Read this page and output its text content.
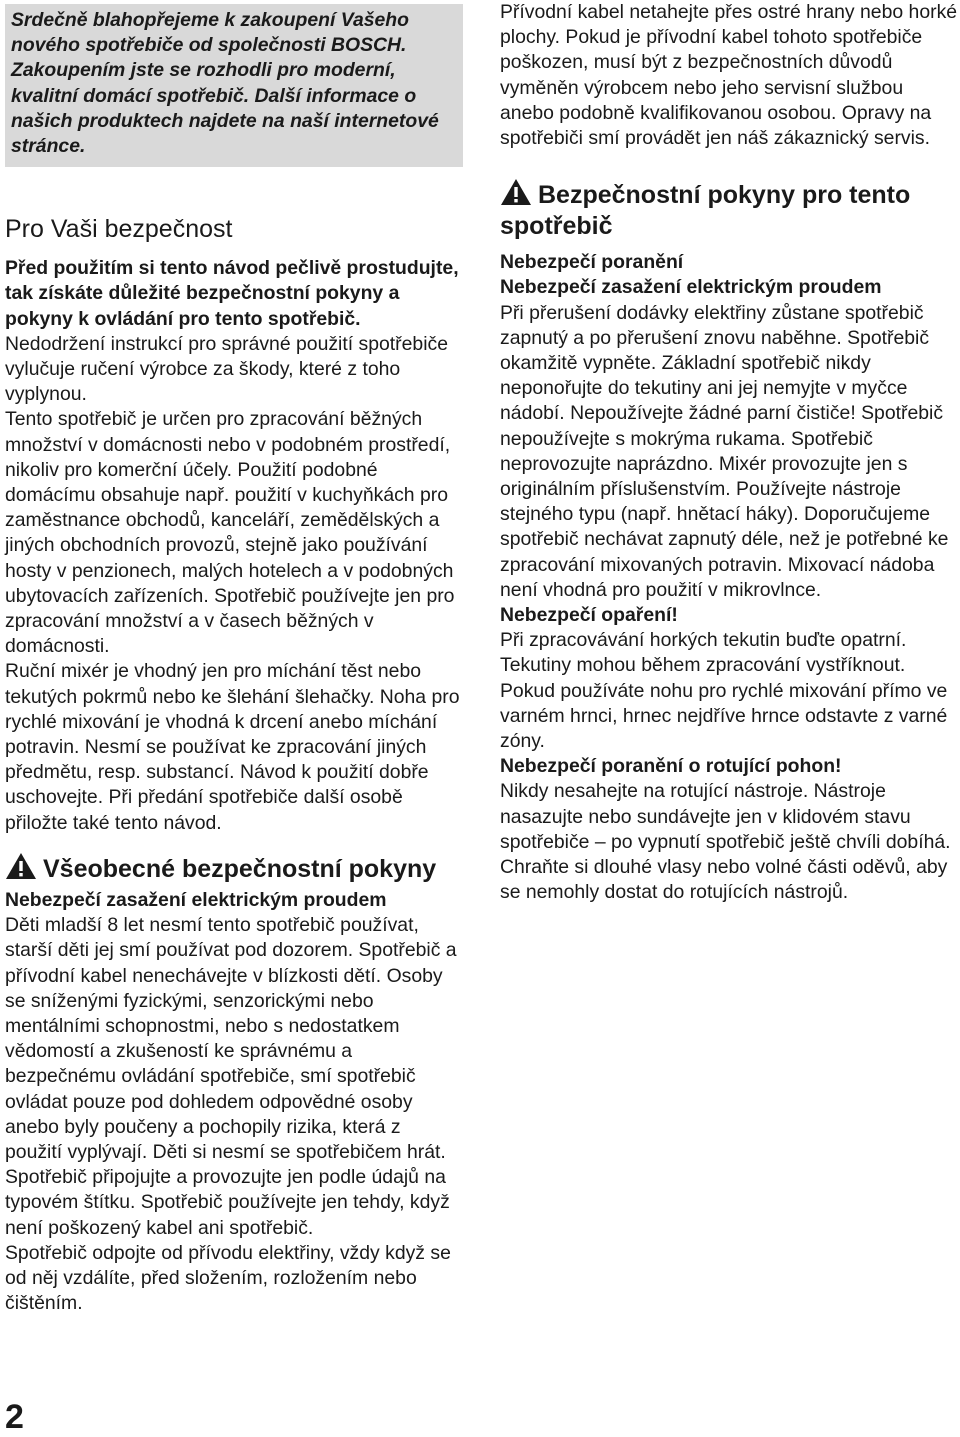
Srdečně blahopřejeme k zakoupení Vašeho nového spotřebiče od společnosti BOSCH. Zakoupením jste se rozhodli pro moderní, kvalitní domácí spotřebič. Další informace o našich produktech najdete na naší internetové stránce.
Pro Vaši bezpečnost

Před použitím si tento návod pečlivě prostudujte, tak získáte důležité bezpečnostní pokyny a pokyny k ovládání pro tento spotřebič.

Nedodržení instrukcí pro správné použití spotřebiče vylučuje ručení výrobce za škody, které z toho vyplynou.

Tento spotřebič je určen pro zpracování běžných množství v domácnosti nebo v podobném prostředí, nikoliv pro komerční účely. Použití podobné domácímu obsahuje např. použití v kuchyňkách pro zaměstnance obchodů, kanceláří, zemědělských a jiných obchodních provozů, stejně jako používání hosty v penzionech, malých hotelech a v podobných ubytovacích zařízeních. Spotřebič používejte jen pro zpracování množství a v časech běžných v domácnosti.

Ruční mixér je vhodný jen pro míchání těst nebo tekutých pokrmů nebo ke šlehání šlehačky. Noha pro rychlé mixování je vhodná k drcení anebo míchání potravin. Nesmí se používat ke zpracování jiných předmětu, resp. substancí. Návod k použití dobře uschovejte. Při předání spotřebiče další osobě přiložte také tento návod.

Všeobecné bezpečnostní pokyny

Nebezpečí zasažení elektrickým proudem

Děti mladší 8 let nesmí tento spotřebič používat, starší děti jej smí používat pod dozorem. Spotřebič a přívodní kabel nenechávejte v blízkosti dětí. Osoby se sníženými fyzickými, senzorickými nebo mentálními schopnostmi, nebo s nedostatkem vědomostí a zkušeností ke správnému a bezpečnému ovládání spotřebiče, smí spotřebič ovládat pouze pod dohledem odpovědné osoby anebo byly poučeny a pochopily rizika, která z použití vyplývají. Děti si nesmí se spotřebičem hrát. Spotřebič připojujte a provozujte jen podle údajů na typovém štítku. Spotřebič používejte jen tehdy, když není poškozený kabel ani spotřebič.

Spotřebič odpojte od přívodu elektřiny, vždy když se od něj vzdálíte, před složením, rozložením nebo čištěním.

Přívodní kabel netahejte přes ostré hrany nebo horké plochy. Pokud je přívodní kabel tohoto spotřebiče poškozen, musí být z bezpečnostních důvodů vyměněn výrobcem nebo jeho servisní službou anebo podobně kvalifikovanou osobou. Opravy na spotřebiči smí provádět jen náš zákaznický servis.

Bezpečnostní pokyny pro tento spotřebič

Nebezpečí poranění

Nebezpečí zasažení elektrickým proudem

Při přerušení dodávky elektřiny zůstane spotřebič zapnutý a po přerušení znovu naběhne. Spotřebič okamžitě vypněte. Základní spotřebič nikdy neponořujte do tekutiny ani jej nemyjte v myčce nádobí. Nepoužívejte žádné parní čističe! Spotřebič nepoužívejte s mokrýma rukama. Spotřebič neprovozujte naprázdno. Mixér provozujte jen s originálním příslušenstvím. Používejte nástroje stejného typu (např. hnětací háky). Doporučujeme spotřebič nechávat zapnutý déle, než je potřebné ke zpracování mixovaných potravin. Mixovací nádoba není vhodná pro použití v mikrovlnce.

Nebezpečí opaření!

Při zpracovávání horkých tekutin buďte opatrní. Tekutiny mohou během zpracování vystříknout. Pokud používáte nohu pro rychlé mixování přímo ve varném hrnci, hrnec nejdříve hrnce odstavte z varné zóny.

Nebezpečí poranění o rotující pohon!

Nikdy nesahejte na rotující nástroje. Nástroje nasazujte nebo sundávejte jen v klidovém stavu spotřebiče – po vypnutí spotřebič ještě chvíli dobíhá. Chraňte si dlouhé vlasy nebo volné části oděvů, aby se nemohly dostat do rotujících nástrojů.

2
